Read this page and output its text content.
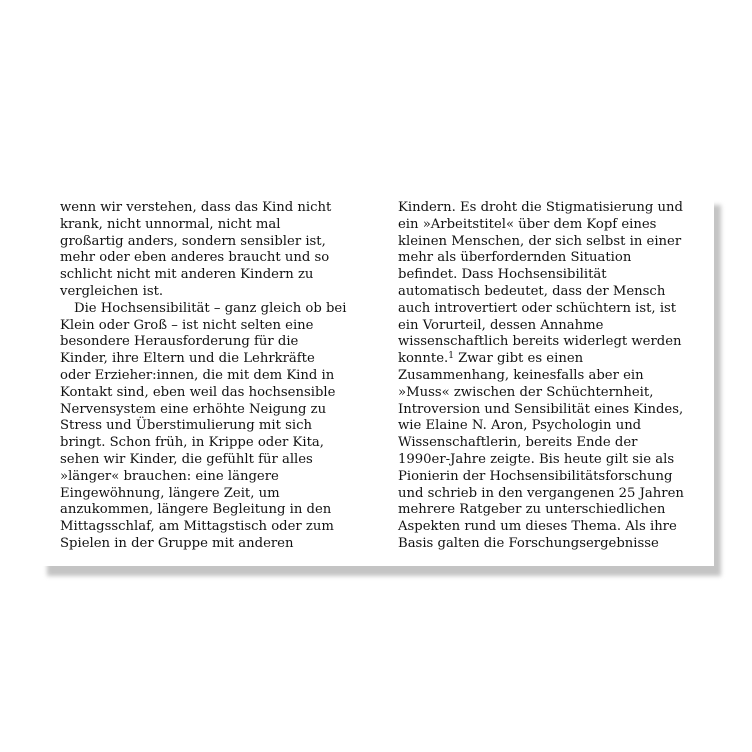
wenn wir verstehen, dass das Kind nicht
krank, nicht unnormal, nicht mal
großartig anders, sondern sensibler ist,
mehr oder eben anderes braucht und so
schlicht nicht mit anderen Kindern zu
vergleichen ist.
Die Hochsensibilität – ganz gleich ob bei
Klein oder Groß – ist nicht selten eine
besondere Herausforderung für die
Kinder, ihre Eltern und die Lehrkräfte
oder Erzieher:innen, die mit dem Kind in
Kontakt sind, eben weil das hochsensible
Nervensystem eine erhöhte Neigung zu
Stress und Überstimulierung mit sich
bringt. Schon früh, in Krippe oder Kita,
sehen wir Kinder, die gefühlt für alles
»länger« brauchen: eine längere
Eingewöhnung, längere Zeit, um
anzukommen, längere Begleitung in den
Mittagsschlaf, am Mittagstisch oder zum
Spielen in der Gruppe mit anderen
Kindern. Es droht die Stigmatisierung und
ein »Arbeitstitel« über dem Kopf eines
kleinen Menschen, der sich selbst in einer
mehr als überfordernden Situation
befindet. Dass Hochsensibilität
automatisch bedeutet, dass der Mensch
auch introvertiert oder schüchtern ist, ist
ein Vorurteil, dessen Annahme
wissenschaftlich bereits widerlegt werden
konnte.$^1$ Zwar gibt es einen
Zusammenhang, keinesfalls aber ein
»Muss« zwischen der Schüchternheit,
Introversion und Sensibilität eines Kindes,
wie Elaine N. Aron, Psychologin und
Wissenschaftlerin, bereits Ende der
1990er-Jahre zeigte. Bis heute gilt sie als
Pionierin der Hochsensibilitätsforschung
und schrieb in den vergangenen 25 Jahren
mehrere Ratgeber zu unterschiedlichen
Aspekten rund um dieses Thema. Als ihre
Basis galten die Forschungsergebnisse
